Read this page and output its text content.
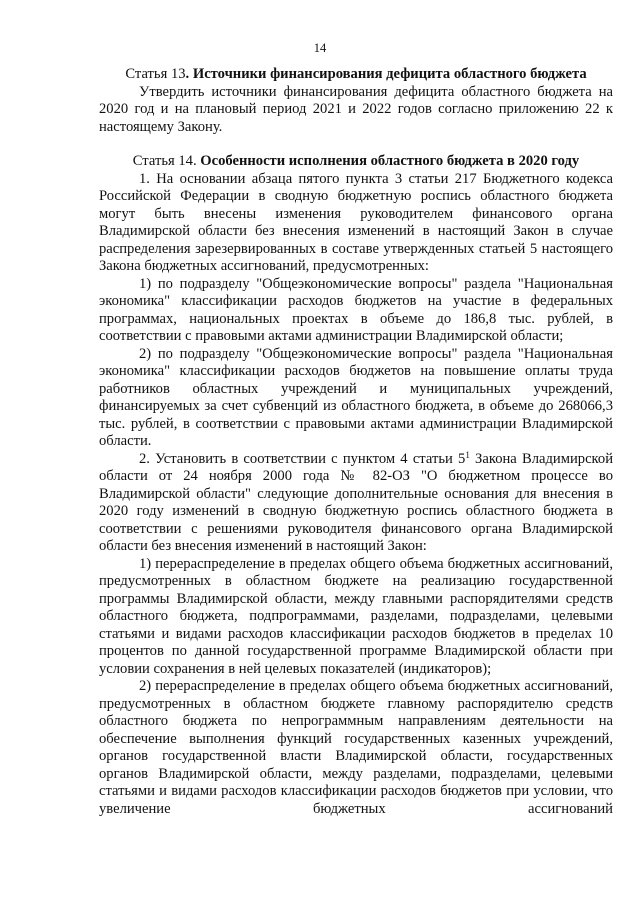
14

Статья 13. Источники финансирования дефицита областного бюджета

Утвердить источники финансирования дефицита областного бюджета на 2020 год и на плановый период 2021 и 2022 годов согласно приложению 22 к настоящему Закону.

Статья 14. Особенности исполнения областного бюджета в 2020 году

1. На основании абзаца пятого пункта 3 статьи 217 Бюджетного кодекса Российской Федерации в сводную бюджетную роспись областного бюджета могут быть внесены изменения руководителем финансового органа Владимирской области без внесения изменений в настоящий Закон в случае распределения зарезервированных в составе утвержденных статьей 5 настоящего Закона бюджетных ассигнований, предусмотренных:

1) по подразделу "Общеэкономические вопросы" раздела "Национальная экономика" классификации расходов бюджетов на участие в федеральных программах, национальных проектах в объеме до 186,8 тыс. рублей, в соответствии с правовыми актами администрации Владимирской области;

2) по подразделу "Общеэкономические вопросы" раздела "Национальная экономика" классификации расходов бюджетов на повышение оплаты труда работников областных учреждений и муниципальных учреждений, финансируемых за счет субвенций из областного бюджета, в объеме до 268066,3 тыс. рублей, в соответствии с правовыми актами администрации Владимирской области.

2. Установить в соответствии с пунктом 4 статьи $5^1$ Закона Владимирской области от 24 ноября 2000 года № 82-ОЗ "О бюджетном процессе во Владимирской области" следующие дополнительные основания для внесения в 2020 году изменений в сводную бюджетную роспись областного бюджета в соответствии с решениями руководителя финансового органа Владимирской области без внесения изменений в настоящий Закон:

1) перераспределение в пределах общего объема бюджетных ассигнований, предусмотренных в областном бюджете на реализацию государственной программы Владимирской области, между главными распорядителями средств областного бюджета, подпрограммами, разделами, подразделами, целевыми статьями и видами расходов классификации расходов бюджетов в пределах 10 процентов по данной государственной программе Владимирской области при условии сохранения в ней целевых показателей (индикаторов);

2) перераспределение в пределах общего объема бюджетных ассигнований, предусмотренных в областном бюджете главному распорядителю средств областного бюджета по непрограммным направлениям деятельности на обеспечение выполнения функций государственных казенных учреждений, органов государственной власти Владимирской области, государственных органов Владимирской области, между разделами, подразделами, целевыми статьями и видами расходов классификации расходов бюджетов при условии, что увеличение бюджетных ассигнований
